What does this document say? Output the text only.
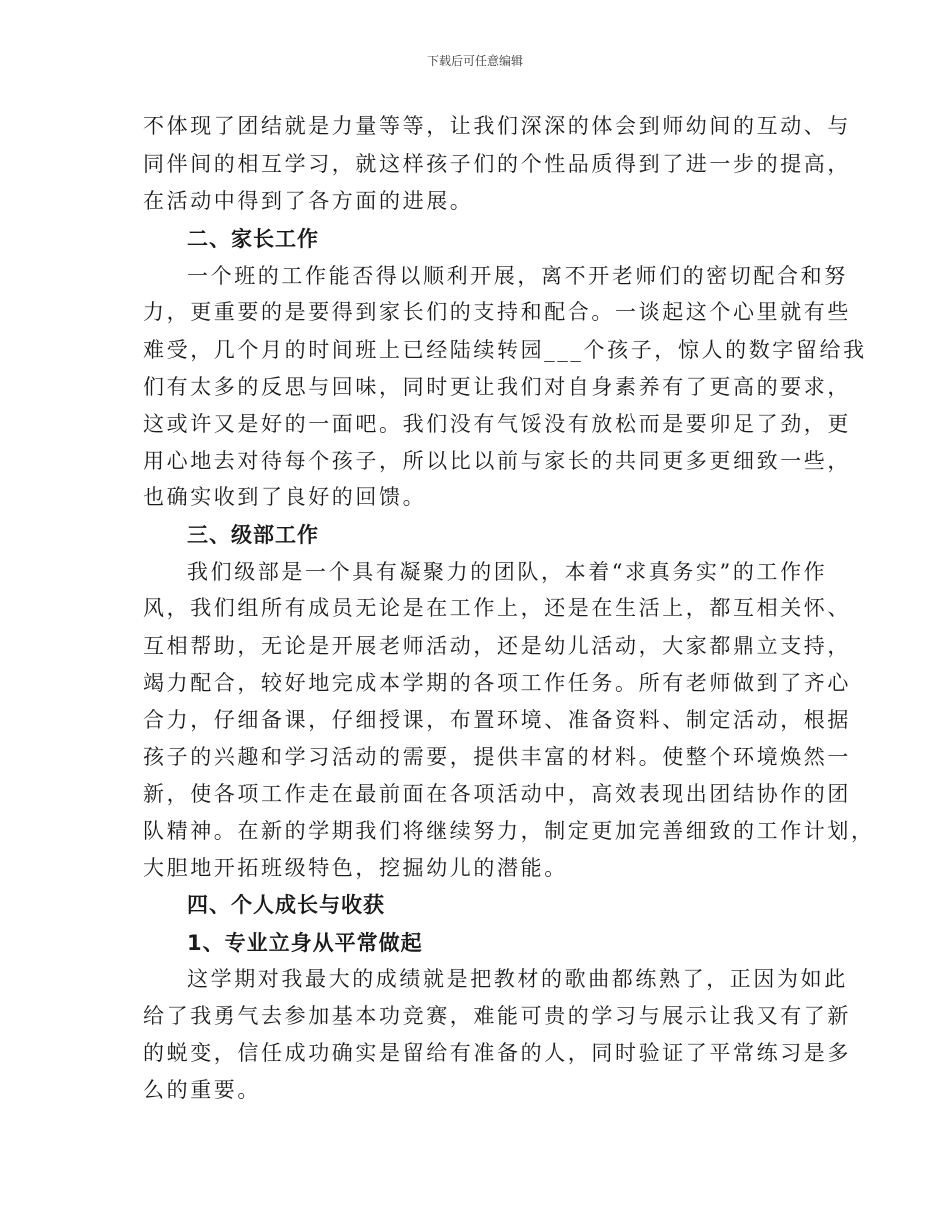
下载后可任意编辑
不体现了团结就是力量等等，让我们深深的体会到师幼间的互动、与
同伴间的相互学习，就这样孩子们的个性品质得到了进一步的提高，
在活动中得到了各方面的进展。
二、家长工作
一个班的工作能否得以顺利开展，离不开老师们的密切配合和努
力，更重要的是要得到家长们的支持和配合。一谈起这个心里就有些
难受，几个月的时间班上已经陆续转园___个孩子，惊人的数字留给我
们有太多的反思与回味，同时更让我们对自身素养有了更高的要求，
这或许又是好的一面吧。我们没有气馁没有放松而是要卯足了劲，更
用心地去对待每个孩子，所以比以前与家长的共同更多更细致一些，
也确实收到了良好的回馈。
三、级部工作
我们级部是一个具有凝聚力的团队，本着“求真务实”的工作作
风，我们组所有成员无论是在工作上，还是在生活上，都互相关怀、
互相帮助，无论是开展老师活动，还是幼儿活动，大家都鼎立支持，
竭力配合，较好地完成本学期的各项工作任务。所有老师做到了齐心
合力，仔细备课，仔细授课，布置环境、准备资料、制定活动，根据
孩子的兴趣和学习活动的需要，提供丰富的材料。使整个环境焕然一
新，使各项工作走在最前面在各项活动中，高效表现出团结协作的团
队精神。在新的学期我们将继续努力，制定更加完善细致的工作计划，
大胆地开拓班级特色，挖掘幼儿的潜能。
四、个人成长与收获
1、专业立身从平常做起
这学期对我最大的成绩就是把教材的歌曲都练熟了，正因为如此
给了我勇气去参加基本功竞赛，难能可贵的学习与展示让我又有了新
的蜕变，信任成功确实是留给有准备的人，同时验证了平常练习是多
么的重要。
